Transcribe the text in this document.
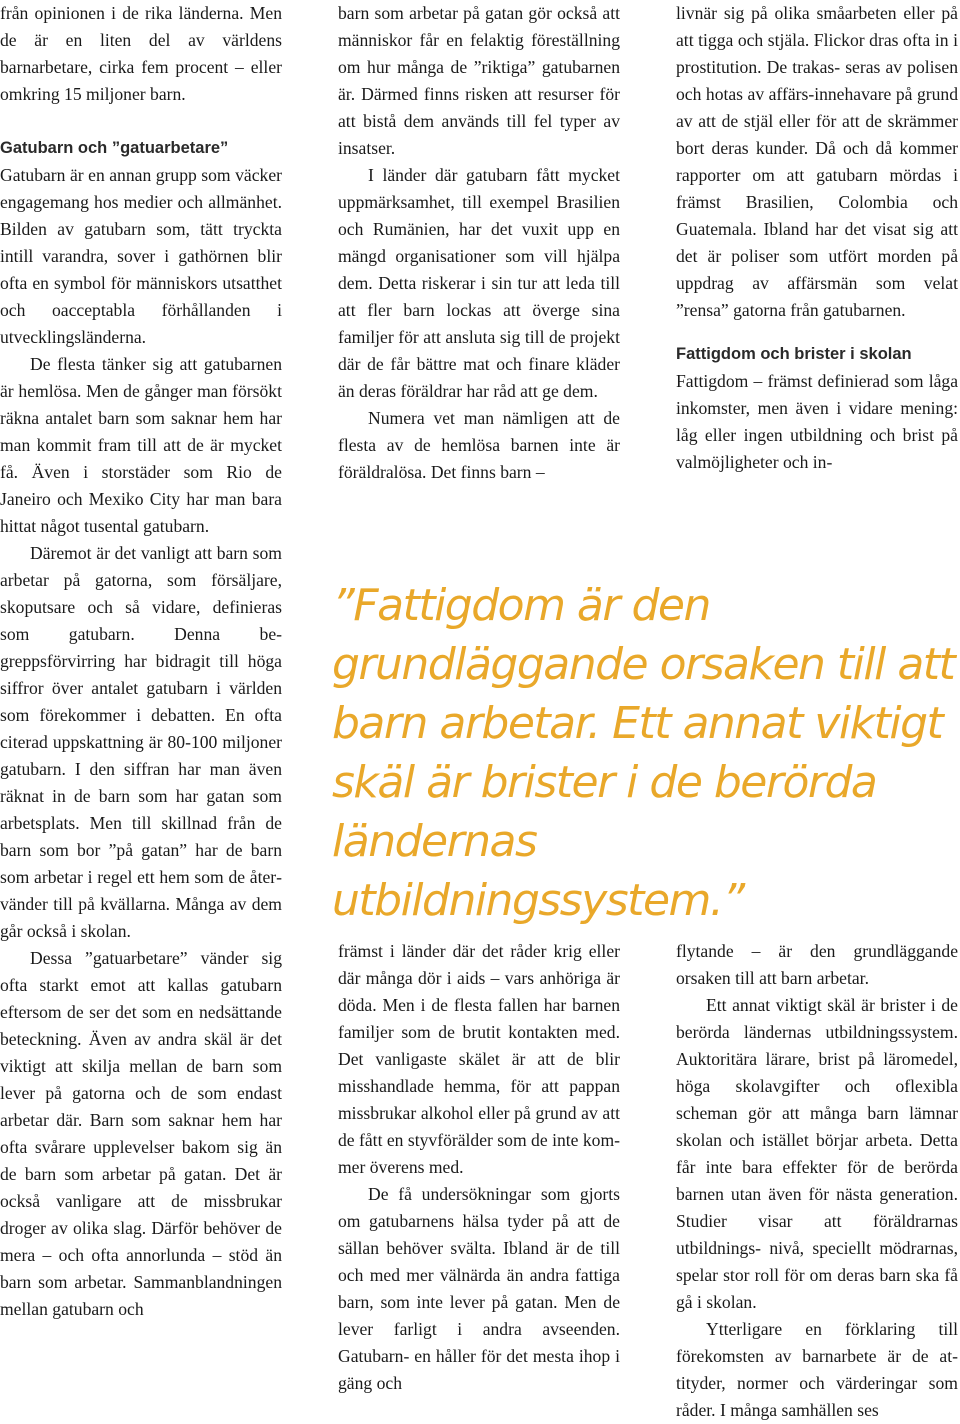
från opinionen i de rika länderna. Men de är en liten del av världens barnarbetare, cirka fem procent – eller omkring 15 miljoner barn.

Gatubarn och ”gatuarbetare”

Gatubarn är en annan grupp som väcker engagemang hos medier och allmänhet. Bilden av gatubarn som, tätt tryckta intill varandra, sover i gathörnen blir ofta en symbol för människors utsatthet och oacceptabla förhållanden i utvecklingsländerna.

De flesta tänker sig att gatubarnen är hemlösa. Men de gånger man försökt räkna antalet barn som saknar hem har man kommit fram till att de är mycket få. Även i storstäder som Rio de Janeiro och Mexiko City har man bara hittat något tusental gatubarn.

Däremot är det vanligt att barn som arbetar på gatorna, som försäljare, skoputsare och så vidare, definieras som gatubarn. Denna begreppsförvirring har bidragit till höga siffror över antalet gatubarn i världen som förekommer i debatten. En ofta citerad uppskattning är 80-100 miljoner gatubarn. I den siffran har man även räknat in de barn som har gatan som arbetsplats. Men till skillnad från de barn som bor ”på gatan” har de barn som arbetar i regel ett hem som de återvänder till på kvällarna. Många av dem går också i skolan.

Dessa ”gatuarbetare” vänder sig ofta starkt emot att kallas gatubarn eftersom de ser det som en nedsättande beteckning. Även av andra skäl är det viktigt att skilja mellan de barn som lever på gatorna och de som endast arbetar där. Barn som saknar hem har ofta svårare upplevelser bakom sig än de barn som arbetar på gatan. Det är också vanligare att de missbrukar droger av olika slag. Därför behöver de mera – och ofta annorlunda – stöd än barn som arbetar. Sammanblandningen mellan gatubarn och

barn som arbetar på gatan gör också att människor får en felaktig föreställning om hur många de ”riktiga” gatubarnen är. Därmed finns risken att resurser för att bistå dem används till fel typer av insatser.

I länder där gatubarn fått mycket uppmärksamhet, till exempel Brasilien och Rumänien, har det vuxit upp en mängd organisationer som vill hjälpa dem. Detta riskerar i sin tur att leda till att fler barn lockas att överge sina familjer för att ansluta sig till de projekt där de får bättre mat och finare kläder än deras föräldrar har råd att ge dem.

Numera vet man nämligen att de flesta av de hemlösa barnen inte är föräldralösa. Det finns barn –

livnär sig på olika småarbeten eller på att tigga och stjäla. Flickor dras ofta in i prostitution. De trakas- seras av polisen och hotas av affärs-innehavare på grund av att de stjäl eller för att de skrämmer bort deras kunder. Då och då kommer rapporter om att gatubarn mördas i främst Brasilien, Colombia och Guatemala. Ibland har det visat sig att det är poliser som utfört morden på uppdrag av affärsmän som velat ”rensa” gatorna från gatubarnen.

Fattigdom och brister i skolan

Fattigdom – främst definierad som låga inkomster, men även i vidare mening: låg eller ingen utbildning och brist på valmöjligheter och in-

”Fattigdom är den grundläggande orsaken till att barn arbetar. Ett annat viktigt skäl är brister i de berörda ländernas utbildningssystem.”

främst i länder där det råder krig eller där många dör i aids – vars anhöriga är döda. Men i de flesta fallen har barnen familjer som de brutit kontakten med. Det vanligaste skälet är att de blir misshandlade hemma, för att pappan missbrukar alkohol eller på grund av att de fått en styvförälder som de inte kommer överens med.

De få undersökningar som gjorts om gatubarnens hälsa tyder på att de sällan behöver svälta. Ibland är de till och med mer välnärda än andra fattiga barn, som inte lever på gatan. Men de lever farligt i andra avseenden. Gatubarn- en håller för det mesta ihop i gäng och

flytande – är den grundläggande orsaken till att barn arbetar.

Ett annat viktigt skäl är brister i de berörda ländernas utbildningssystem. Auktoritära lärare, brist på läromedel, höga skolavgifter och oflexibla scheman gör att många barn lämnar skolan och istället börjar arbeta. Detta får inte bara effekter för de berörda barnen utan även för nästa generation. Studier visar att föräldrarnas utbildnings- nivå, speciellt mödrarnas, spelar stor roll för om deras barn ska få gå i skolan.

Ytterligare en förklaring till förekomsten av barnarbete är de attityder, normer och värderingar som råder. I många samhällen ses
